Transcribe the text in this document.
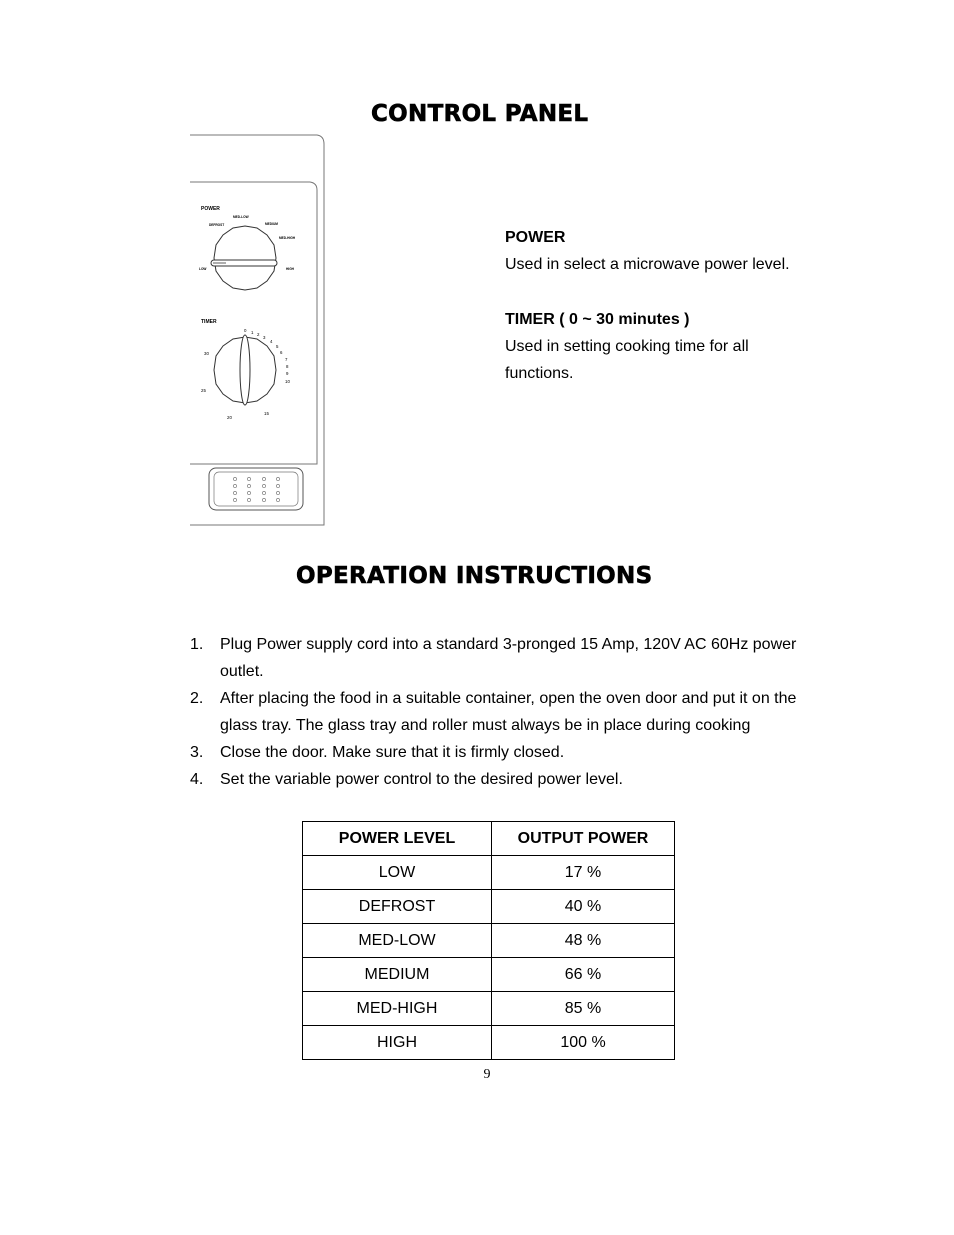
CONTROL PANEL
POWER
DEFROST
MED-LOW
MEDIUM
MED-HIGH
LOW	HIGH
TIMER
0 1 2
3
4
5
6
7
8
9
10
15
20
25
30
POWER
Used in select a microwave power level.
TIMER ( 0 ~ 30 minutes )
Used in setting cooking time for all functions.
OPERATION INSTRUCTIONS
1. Plug Power supply cord into a standard 3-pronged 15 Amp, 120V AC 60Hz power outlet.
2. After placing the food in a suitable container, open the oven door and put it on the glass tray. The glass tray and roller must always be in place during cooking
3. Close the door. Make sure that it is firmly closed.
4. Set the variable power control to the desired power level.
POWER LEVEL	OUTPUT POWER
LOW	17 %
DEFROST	40 %
MED-LOW	48 %
MEDIUM	66 %
MED-HIGH	85 %
HIGH	100 %
9
